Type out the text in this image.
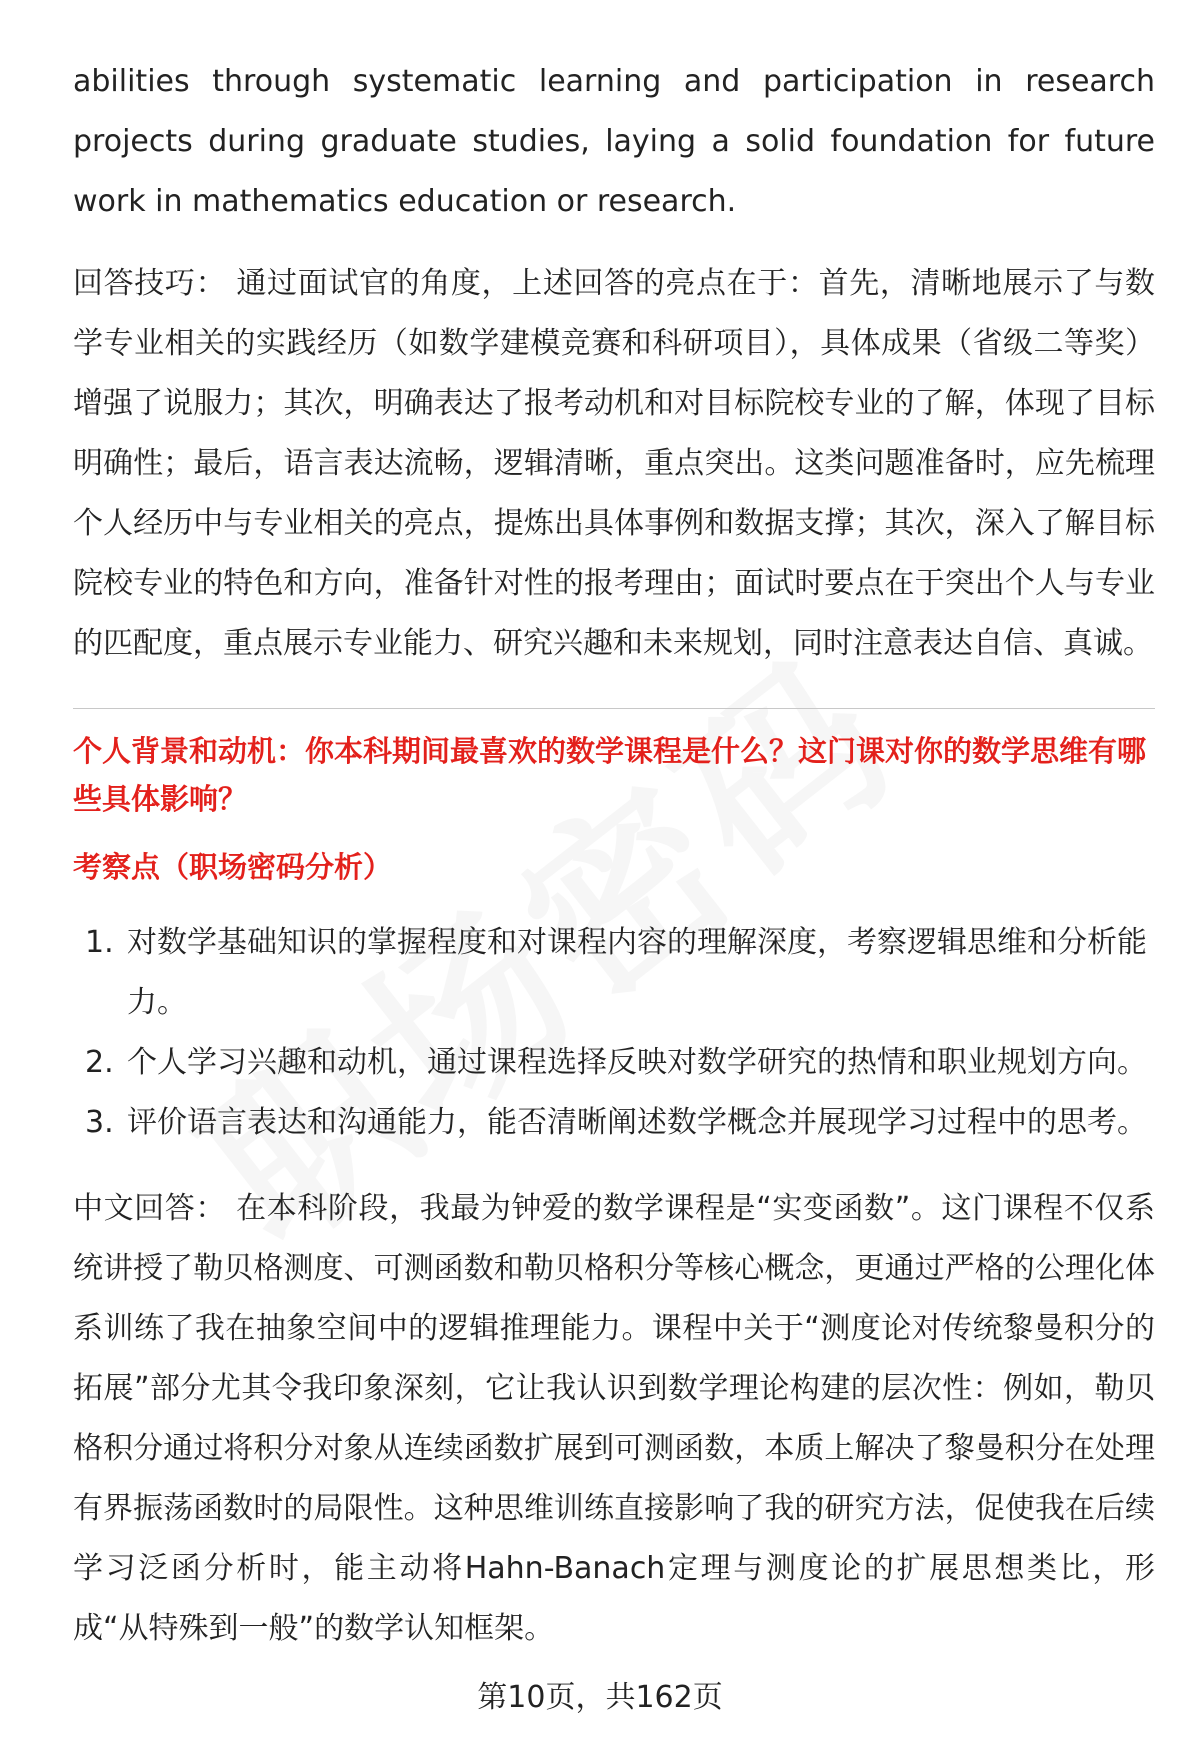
abilities through systematic learning and participation in research projects during graduate studies, laying a solid foundation for future work in mathematics education or research.

回答技巧： 通过面试官的角度，上述回答的亮点在于：首先，清晰地展示了与数学专业相关的实践经历（如数学建模竞赛和科研项目），具体成果（省级二等奖）增强了说服力；其次，明确表达了报考动机和对目标院校专业的了解，体现了目标明确性；最后，语言表达流畅，逻辑清晰，重点突出。这类问题准备时，应先梳理个人经历中与专业相关的亮点，提炼出具体事例和数据支撑；其次，深入了解目标院校专业的特色和方向，准备针对性的报考理由；面试时要点在于突出个人与专业的匹配度，重点展示专业能力、研究兴趣和未来规划，同时注意表达自信、真诚。

个人背景和动机：你本科期间最喜欢的数学课程是什么？这门课对你的数学思维有哪些具体影响？

考察点（职场密码分析）

1. 对数学基础知识的掌握程度和对课程内容的理解深度，考察逻辑思维和分析能力。
2. 个人学习兴趣和动机，通过课程选择反映对数学研究的热情和职业规划方向。
3. 评价语言表达和沟通能力，能否清晰阐述数学概念并展现学习过程中的思考。

中文回答： 在本科阶段，我最为钟爱的数学课程是“实变函数”。这门课程不仅系统讲授了勒贝格测度、可测函数和勒贝格积分等核心概念，更通过严格的公理化体系训练了我在抽象空间中的逻辑推理能力。课程中关于“测度论对传统黎曼积分的拓展”部分尤其令我印象深刻，它让我认识到数学理论构建的层次性：例如，勒贝格积分通过将积分对象从连续函数扩展到可测函数，本质上解决了黎曼积分在处理有界振荡函数时的局限性。这种思维训练直接影响了我的研究方法，促使我在后续学习泛函分析时，能主动将Hahn-Banach定理与测度论的扩展思想类比，形成“从特殊到一般”的数学认知框架。

第10页，共162页
